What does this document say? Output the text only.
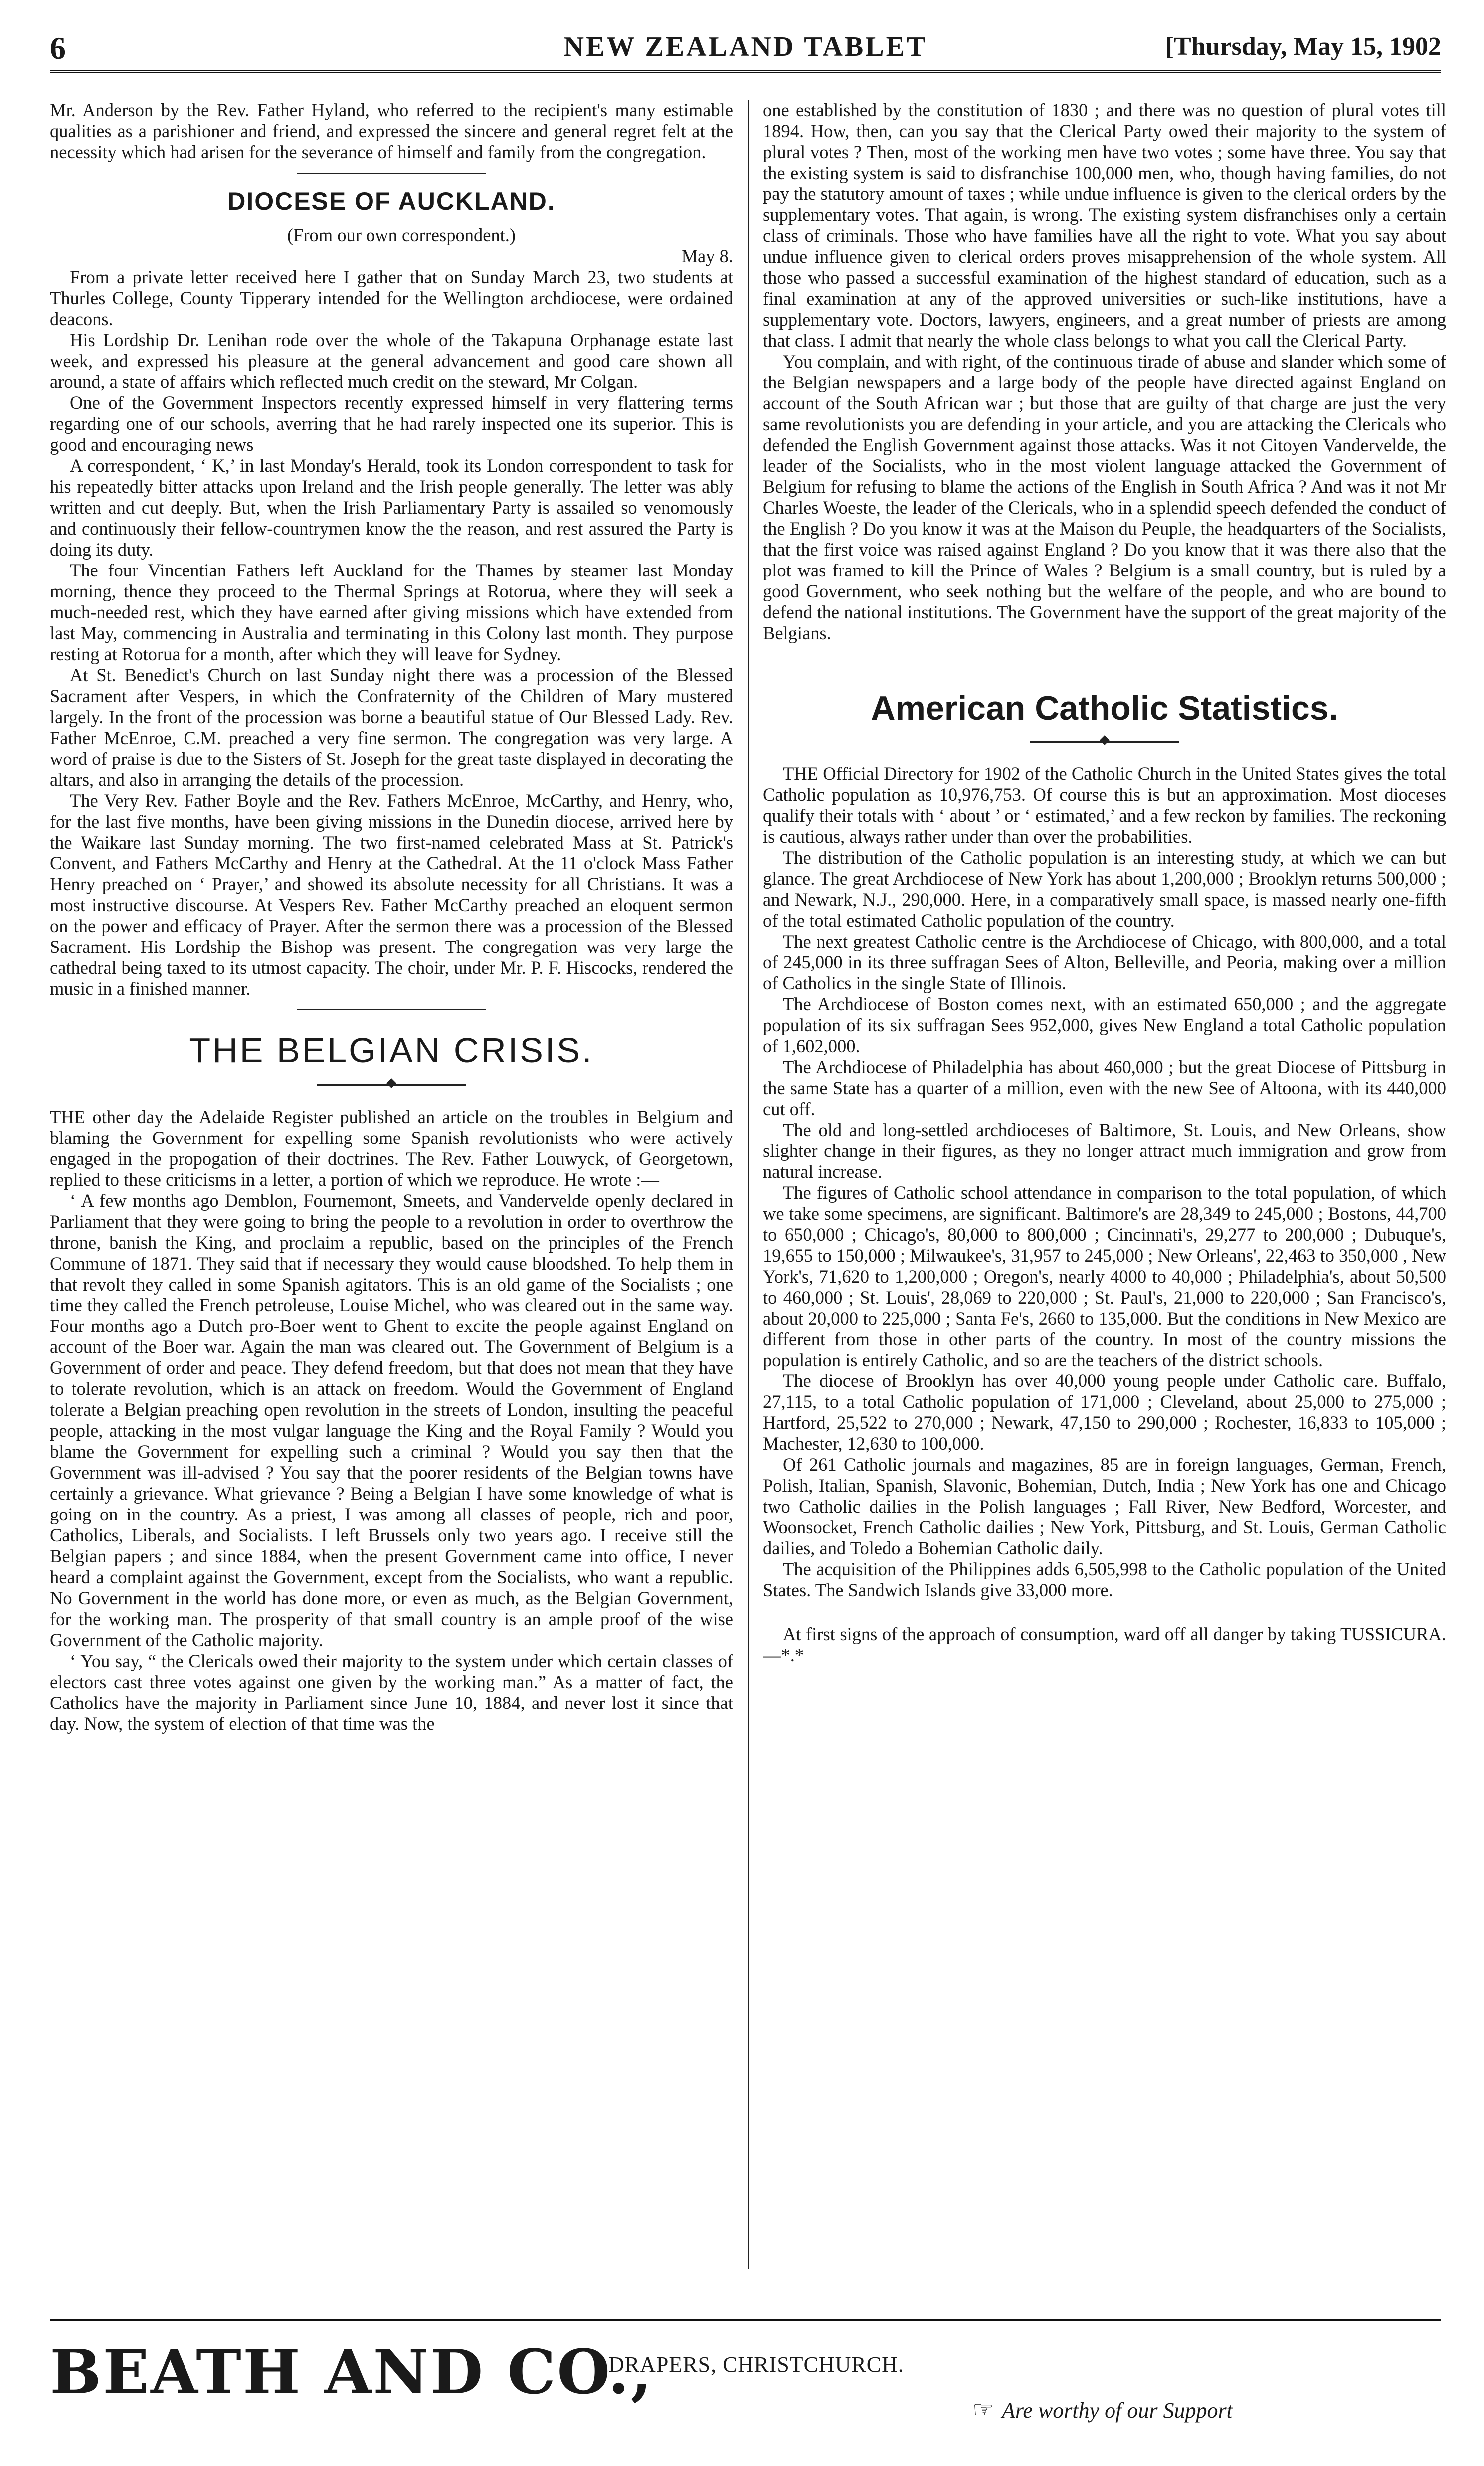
6	NEW ZEALAND TABLET	[Thursday, May 15, 1902

Mr. Anderson by the Rev. Father Hyland, who referred to the recipient's many estimable qualities as a parishioner and friend, and expressed the sincere and general regret felt at the necessity which had arisen for the severance of himself and family from the congregation.

DIOCESE OF AUCKLAND.

(From our own correspondent.)

May 8.

From a private letter received here I gather that on Sunday March 23, two students at Thurles College, County Tipperary intended for the Wellington archdiocese, were ordained deacons.

His Lordship Dr. Lenihan rode over the whole of the Takapuna Orphanage estate last week, and expressed his pleasure at the general advancement and good care shown all around, a state of affairs which reflected much credit on the steward, Mr Colgan.

One of the Government Inspectors recently expressed himself in very flattering terms regarding one of our schools, averring that he had rarely inspected one its superior. This is good and encouraging news

A correspondent, ‘ K,’ in last Monday's Herald, took its London correspondent to task for his repeatedly bitter attacks upon Ireland and the Irish people generally. The letter was ably written and cut deeply. But, when the Irish Parliamentary Party is assailed so venomously and continuously their fellow-countrymen know the the reason, and rest assured the Party is doing its duty.

The four Vincentian Fathers left Auckland for the Thames by steamer last Monday morning, thence they proceed to the Thermal Springs at Rotorua, where they will seek a much-needed rest, which they have earned after giving missions which have extended from last May, commencing in Australia and terminating in this Colony last month. They purpose resting at Rotorua for a month, after which they will leave for Sydney.

At St. Benedict's Church on last Sunday night there was a procession of the Blessed Sacrament after Vespers, in which the Confraternity of the Children of Mary mustered largely. In the front of the procession was borne a beautiful statue of Our Blessed Lady. Rev. Father McEnroe, C.M. preached a very fine sermon. The congregation was very large. A word of praise is due to the Sisters of St. Joseph for the great taste displayed in decorating the altars, and also in arranging the details of the procession.

The Very Rev. Father Boyle and the Rev. Fathers McEnroe, McCarthy, and Henry, who, for the last five months, have been giving missions in the Dunedin diocese, arrived here by the Waikare last Sunday morning. The two first-named celebrated Mass at St. Patrick's Convent, and Fathers McCarthy and Henry at the Cathedral. At the 11 o'clock Mass Father Henry preached on ‘ Prayer,’ and showed its absolute necessity for all Christians. It was a most instructive discourse. At Vespers Rev. Father McCarthy preached an eloquent sermon on the power and efficacy of Prayer. After the sermon there was a procession of the Blessed Sacrament. His Lordship the Bishop was present. The congregation was very large the cathedral being taxed to its utmost capacity. The choir, under Mr. P. F. Hiscocks, rendered the music in a finished manner.

THE BELGIAN CRISIS.

THE other day the Adelaide Register published an article on the troubles in Belgium and blaming the Government for expelling some Spanish revolutionists who were actively engaged in the propogation of their doctrines. The Rev. Father Louwyck, of Georgetown, replied to these criticisms in a letter, a portion of which we reproduce. He wrote :—

‘ A few months ago Demblon, Fournemont, Smeets, and Vandervelde openly declared in Parliament that they were going to bring the people to a revolution in order to overthrow the throne, banish the King, and proclaim a republic, based on the principles of the French Commune of 1871. They said that if necessary they would cause bloodshed. To help them in that revolt they called in some Spanish agitators. This is an old game of the Socialists ; one time they called the French petroleuse, Louise Michel, who was cleared out in the same way. Four months ago a Dutch pro-Boer went to Ghent to excite the people against England on account of the Boer war. Again the man was cleared out. The Government of Belgium is a Government of order and peace. They defend freedom, but that does not mean that they have to tolerate revolution, which is an attack on freedom. Would the Government of England tolerate a Belgian preaching open revolution in the streets of London, insulting the peaceful people, attacking in the most vulgar language the King and the Royal Family ? Would you blame the Government for expelling such a criminal ? Would you say then that the Government was ill-advised ? You say that the poorer residents of the Belgian towns have certainly a grievance. What grievance ? Being a Belgian I have some knowledge of what is going on in the country. As a priest, I was among all classes of people, rich and poor, Catholics, Liberals, and Socialists. I left Brussels only two years ago. I receive still the Belgian papers ; and since 1884, when the present Government came into office, I never heard a complaint against the Government, except from the Socialists, who want a republic. No Government in the world has done more, or even as much, as the Belgian Government, for the working man. The prosperity of that small country is an ample proof of the wise Government of the Catholic majority.

‘ You say, “ the Clericals owed their majority to the system under which certain classes of electors cast three votes against one given by the working man.” As a matter of fact, the Catholics have the majority in Parliament since June 10, 1884, and never lost it since that day. Now, the system of election of that time was the

one established by the constitution of 1830 ; and there was no question of plural votes till 1894. How, then, can you say that the Clerical Party owed their majority to the system of plural votes ? Then, most of the working men have two votes ; some have three. You say that the existing system is said to disfranchise 100,000 men, who, though having families, do not pay the statutory amount of taxes ; while undue influence is given to the clerical orders by the supplementary votes. That again, is wrong. The existing system disfranchises only a certain class of criminals. Those who have families have all the right to vote. What you say about undue influence given to clerical orders proves misapprehension of the whole system. All those who passed a successful examination of the highest standard of education, such as a final examination at any of the approved universities or such-like institutions, have a supplementary vote. Doctors, lawyers, engineers, and a great number of priests are among that class. I admit that nearly the whole class belongs to what you call the Clerical Party.

You complain, and with right, of the continuous tirade of abuse and slander which some of the Belgian newspapers and a large body of the people have directed against England on account of the South African war ; but those that are guilty of that charge are just the very same revolutionists you are defending in your article, and you are attacking the Clericals who defended the English Government against those attacks. Was it not Citoyen Vandervelde, the leader of the Socialists, who in the most violent language attacked the Government of Belgium for refusing to blame the actions of the English in South Africa ? And was it not Mr Charles Woeste, the leader of the Clericals, who in a splendid speech defended the conduct of the English ? Do you know it was at the Maison du Peuple, the headquarters of the Socialists, that the first voice was raised against England ? Do you know that it was there also that the plot was framed to kill the Prince of Wales ? Belgium is a small country, but is ruled by a good Government, who seek nothing but the welfare of the people, and who are bound to defend the national institutions. The Government have the support of the great majority of the Belgians.

American Catholic Statistics.

THE Official Directory for 1902 of the Catholic Church in the United States gives the total Catholic population as 10,976,753. Of course this is but an approximation. Most dioceses qualify their totals with ‘ about ’ or ‘ estimated,’ and a few reckon by families. The reckoning is cautious, always rather under than over the probabilities.

The distribution of the Catholic population is an interesting study, at which we can but glance. The great Archdiocese of New York has about 1,200,000 ; Brooklyn returns 500,000 ; and Newark, N.J., 290,000. Here, in a comparatively small space, is massed nearly one-fifth of the total estimated Catholic population of the country.

The next greatest Catholic centre is the Archdiocese of Chicago, with 800,000, and a total of 245,000 in its three suffragan Sees of Alton, Belleville, and Peoria, making over a million of Catholics in the single State of Illinois.

The Archdiocese of Boston comes next, with an estimated 650,000 ; and the aggregate population of its six suffragan Sees 952,000, gives New England a total Catholic population of 1,602,000.

The Archdiocese of Philadelphia has about 460,000 ; but the great Diocese of Pittsburg in the same State has a quarter of a million, even with the new See of Altoona, with its 440,000 cut off.

The old and long-settled archdioceses of Baltimore, St. Louis, and New Orleans, show slighter change in their figures, as they no longer attract much immigration and grow from natural increase.

The figures of Catholic school attendance in comparison to the total population, of which we take some specimens, are significant. Baltimore's are 28,349 to 245,000 ; Bostons, 44,700 to 650,000 ; Chicago's, 80,000 to 800,000 ; Cincinnati's, 29,277 to 200,000 ; Dubuque's, 19,655 to 150,000 ; Milwaukee's, 31,957 to 245,000 ; New Orleans', 22,463 to 350,000 , New York's, 71,620 to 1,200,000 ; Oregon's, nearly 4000 to 40,000 ; Philadelphia's, about 50,500 to 460,000 ; St. Louis', 28,069 to 220,000 ; St. Paul's, 21,000 to 220,000 ; San Francisco's, about 20,000 to 225,000 ; Santa Fe's, 2660 to 135,000. But the conditions in New Mexico are different from those in other parts of the country. In most of the country missions the population is entirely Catholic, and so are the teachers of the district schools.

The diocese of Brooklyn has over 40,000 young people under Catholic care. Buffalo, 27,115, to a total Catholic population of 171,000 ; Cleveland, about 25,000 to 275,000 ; Hartford, 25,522 to 270,000 ; Newark, 47,150 to 290,000 ; Rochester, 16,833 to 105,000 ; Machester, 12,630 to 100,000.

Of 261 Catholic journals and magazines, 85 are in foreign languages, German, French, Polish, Italian, Spanish, Slavonic, Bohemian, Dutch, India ; New York has one and Chicago two Catholic dailies in the Polish languages ; Fall River, New Bedford, Worcester, and Woonsocket, French Catholic dailies ; New York, Pittsburg, and St. Louis, German Catholic dailies, and Toledo a Bohemian Catholic daily.

The acquisition of the Philippines adds 6,505,998 to the Catholic population of the United States. The Sandwich Islands give 33,000 more.

At first signs of the approach of consumption, ward off all danger by taking TUSSICURA.—*.*

BEATH AND CO.,
DRAPERS, CHRISTCHURCH.
☞ Are worthy of our Support
